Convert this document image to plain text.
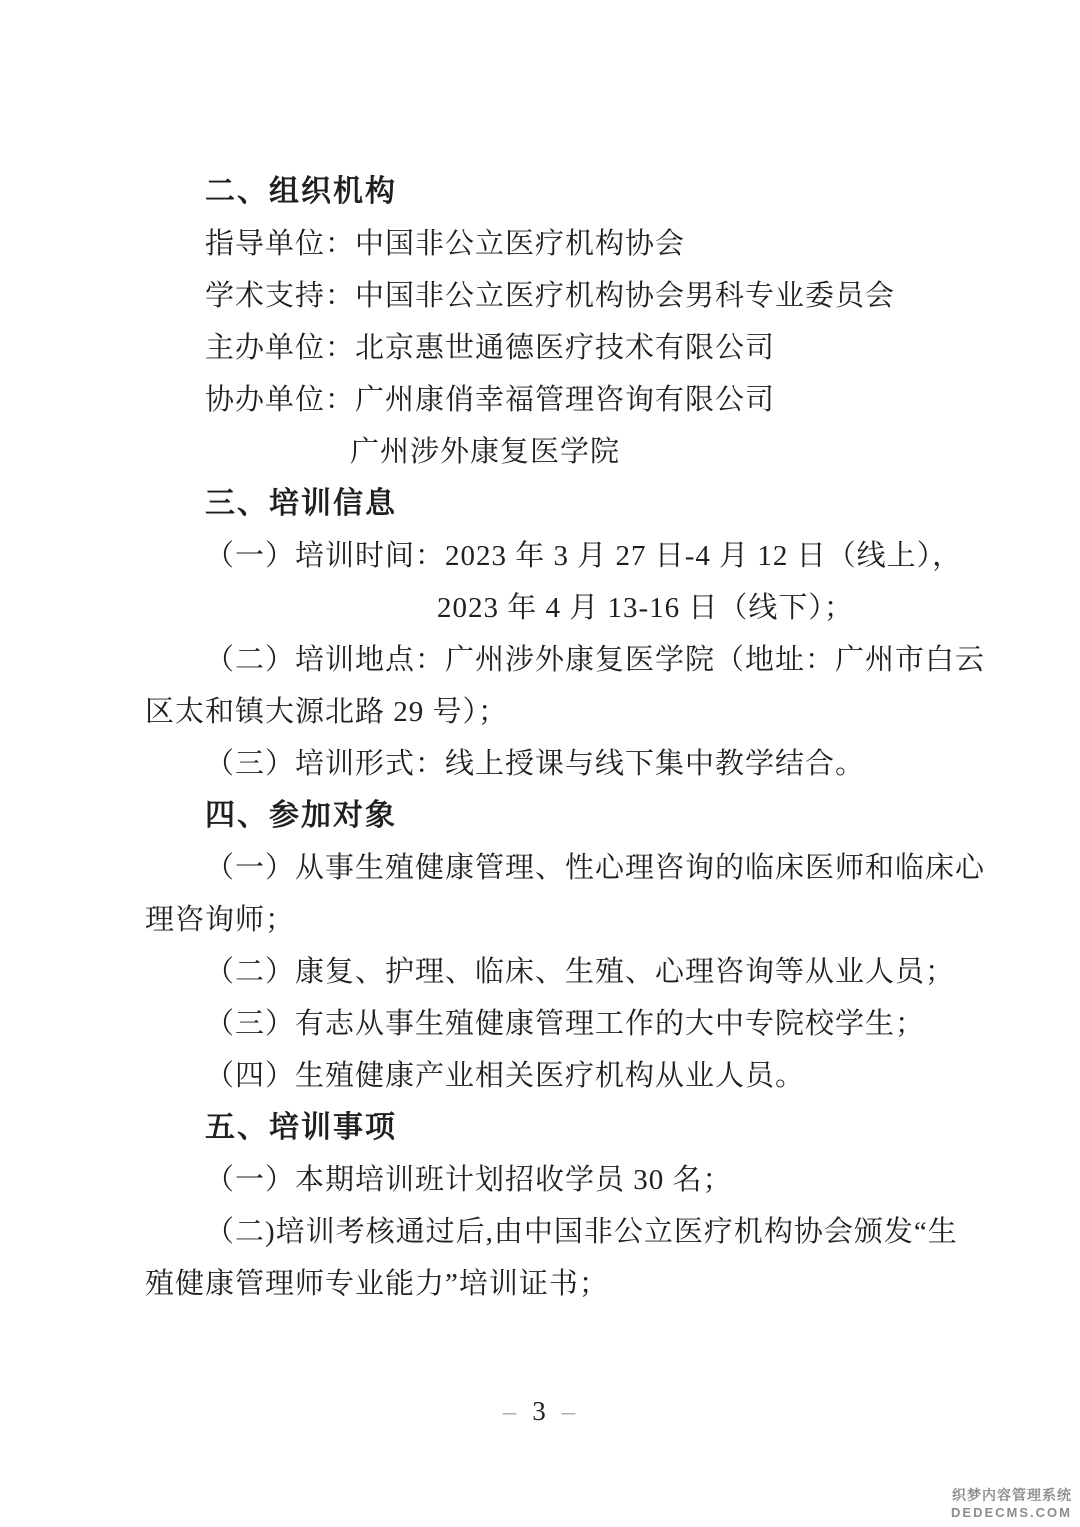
二、组织机构
指导单位：中国非公立医疗机构协会
学术支持：中国非公立医疗机构协会男科专业委员会
主办单位：北京惠世通德医疗技术有限公司
协办单位：广州康俏幸福管理咨询有限公司
广州涉外康复医学院
三、培训信息
（一）培训时间：2023 年 3 月 27 日-4 月 12 日（线上），
2023 年 4 月 13-16 日（线下）；
（二）培训地点：广州涉外康复医学院（地址：广州市白云
区太和镇大源北路 29 号）；
（三）培训形式：线上授课与线下集中教学结合。
四、参加对象
（一）从事生殖健康管理、性心理咨询的临床医师和临床心
理咨询师；
（二）康复、护理、临床、生殖、心理咨询等从业人员；
（三）有志从事生殖健康管理工作的大中专院校学生；
（四）生殖健康产业相关医疗机构从业人员。
五、培训事项
（一）本期培训班计划招收学员 30 名；
（二)培训考核通过后,由中国非公立医疗机构协会颁发“生
殖健康管理师专业能力”培训证书；
– 3 –
织梦内容管理系统
DEDECMS.COM
